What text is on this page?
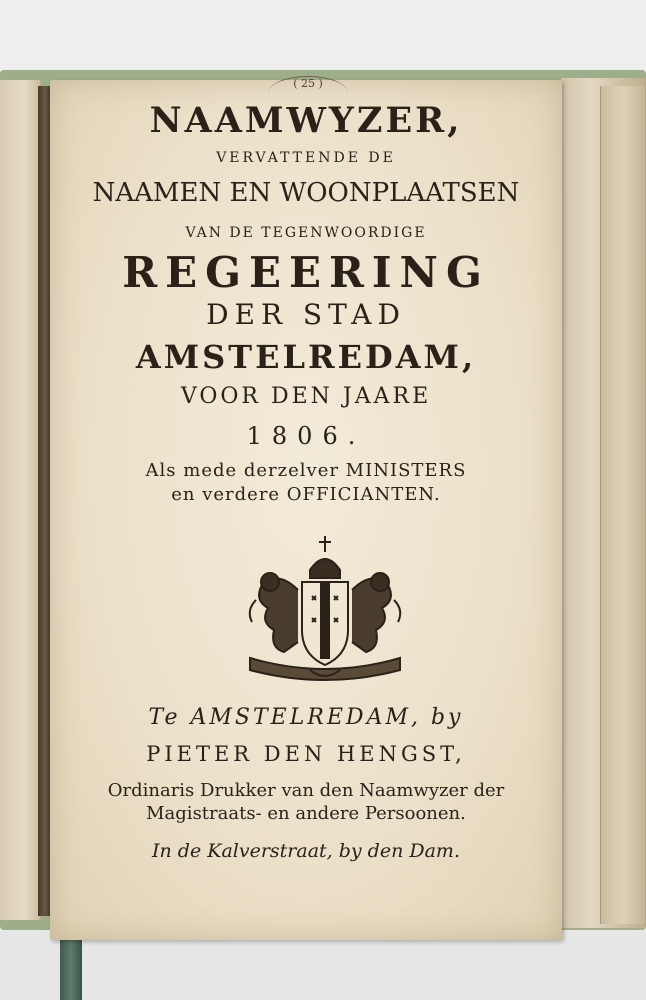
( 25 )
NAAMWYZER,
VERVATTENDE DE
NAAMEN EN WOONPLAATSEN
VAN DE TEGENWOORDIGE
REGEERING
DER STAD
AMSTELREDAM,
VOOR DEN JAARE
1806.
Als mede derzelver MINISTERS
en verdere OFFICIANTEN.
Te AMSTELREDAM, by
PIETER DEN HENGST,
Ordinaris Drukker van den Naamwyzer der
Magistraats- en andere Persoonen.
In de Kalverstraat, by den Dam.
